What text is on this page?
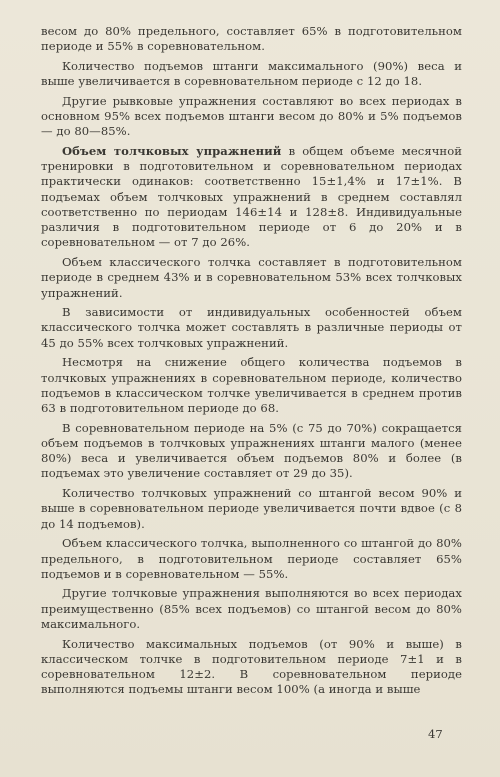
весом до 80% предельного, составляет 65% в подготовительном периоде и 55% в соревновательном.

Количество подъемов штанги максимального (90%) веса и выше увеличивается в соревновательном периоде с 12 до 18.

Другие рывковые упражнения составляют во всех периодах в основном 95% всех подъемов штанги весом до 80% и 5% подъемов — до 80—85%.

Объем толчковых упражнений в общем объеме месячной тренировки в подготовительном и соревновательном периодах практически одинаков: соответственно 15±1,4% и 17±1%. В подъемах объем толчковых упражнений в среднем составлял соответственно по периодам 146±14 и 128±8. Индивидуальные различия в подготовительном периоде от 6 до 20% и в соревновательном — от 7 до 26%.

Объем классического толчка составляет в подготовительном периоде в среднем 43% и в соревновательном 53% всех толчковых упражнений.

В зависимости от индивидуальных особенностей объем классического толчка может составлять в различные периоды от 45 до 55% всех толчковых упражнений.

Несмотря на снижение общего количества подъемов в толчковых упражнениях в соревновательном периоде, количество подъемов в классическом толчке увеличивается в среднем против 63 в подготовительном периоде до 68.

В соревновательном периоде на 5% (с 75 до 70%) сокращается объем подъемов в толчковых упражнениях штанги малого (менее 80%) веса и увеличивается объем подъемов 80% и более (в подъемах это увеличение составляет от 29 до 35).

Количество толчковых упражнений со штангой весом 90% и выше в соревновательном периоде увеличивается почти вдвое (с 8 до 14 подъемов).

Объем классического толчка, выполненного со штангой до 80% предельного, в подготовительном периоде составляет 65% подъемов и в соревновательном — 55%.

Другие толчковые упражнения выполняются во всех периодах преимущественно (85% всех подъемов) со штангой весом до 80% максимального.

Количество максимальных подъемов (от 90% и выше) в классическом толчке в подготовительном периоде 7±1 и в соревновательном 12±2. В соревновательном периоде выполняются подъемы штанги весом 100% (а иногда и выше

47
